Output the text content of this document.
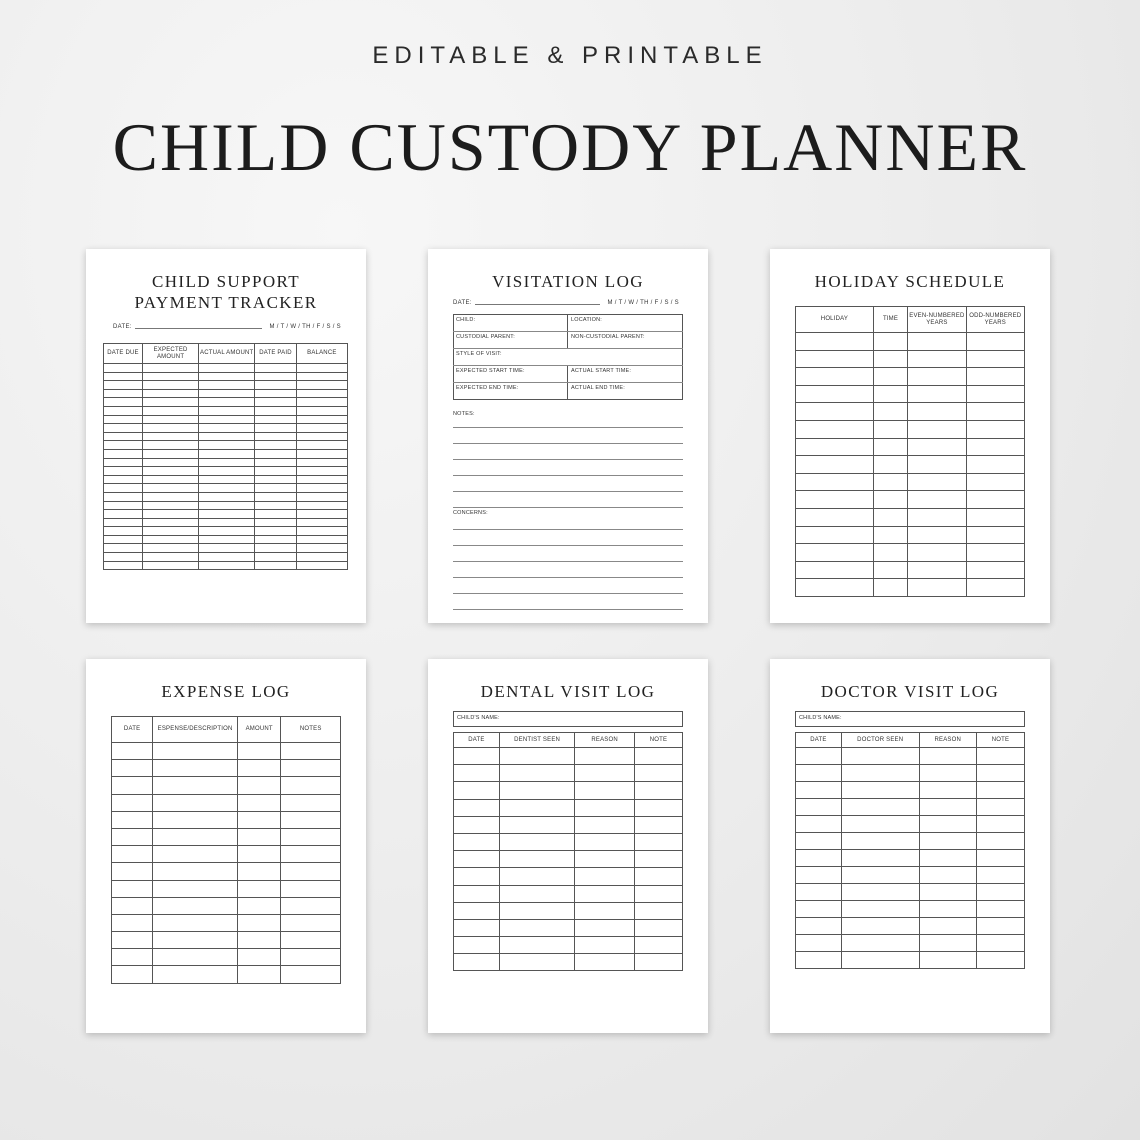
EDITABLE & PRINTABLE
CHILD CUSTODY PLANNER
CHILD SUPPORT
PAYMENT TRACKER
DATE:	M / T / W / TH / F / S / S
DATE DUE	EXPECTED AMOUNT	ACTUAL AMOUNT	DATE PAID	BALANCE

VISITATION LOG
DATE:	M / T / W / TH / F / S / S
CHILD:	LOCATION:
CUSTODIAL PARENT:	NON-CUSTODIAL PARENT:
STYLE OF VISIT:
EXPECTED START TIME:	ACTUAL START TIME:
EXPECTED END TIME:	ACTUAL END TIME:
NOTES:
CONCERNS:
HOLIDAY SCHEDULE
HOLIDAY	TIME	EVEN-NUMBERED YEARS	ODD-NUMBERED YEARS

EXPENSE LOG
DATE	ESPENSE/DESCRIPTION	AMOUNT	NOTES

DENTAL VISIT LOG
CHILD'S NAME:
DATE	DENTIST SEEN	REASON	NOTE

DOCTOR VISIT LOG
CHILD'S NAME:
DATE	DOCTOR SEEN	REASON	NOTE
